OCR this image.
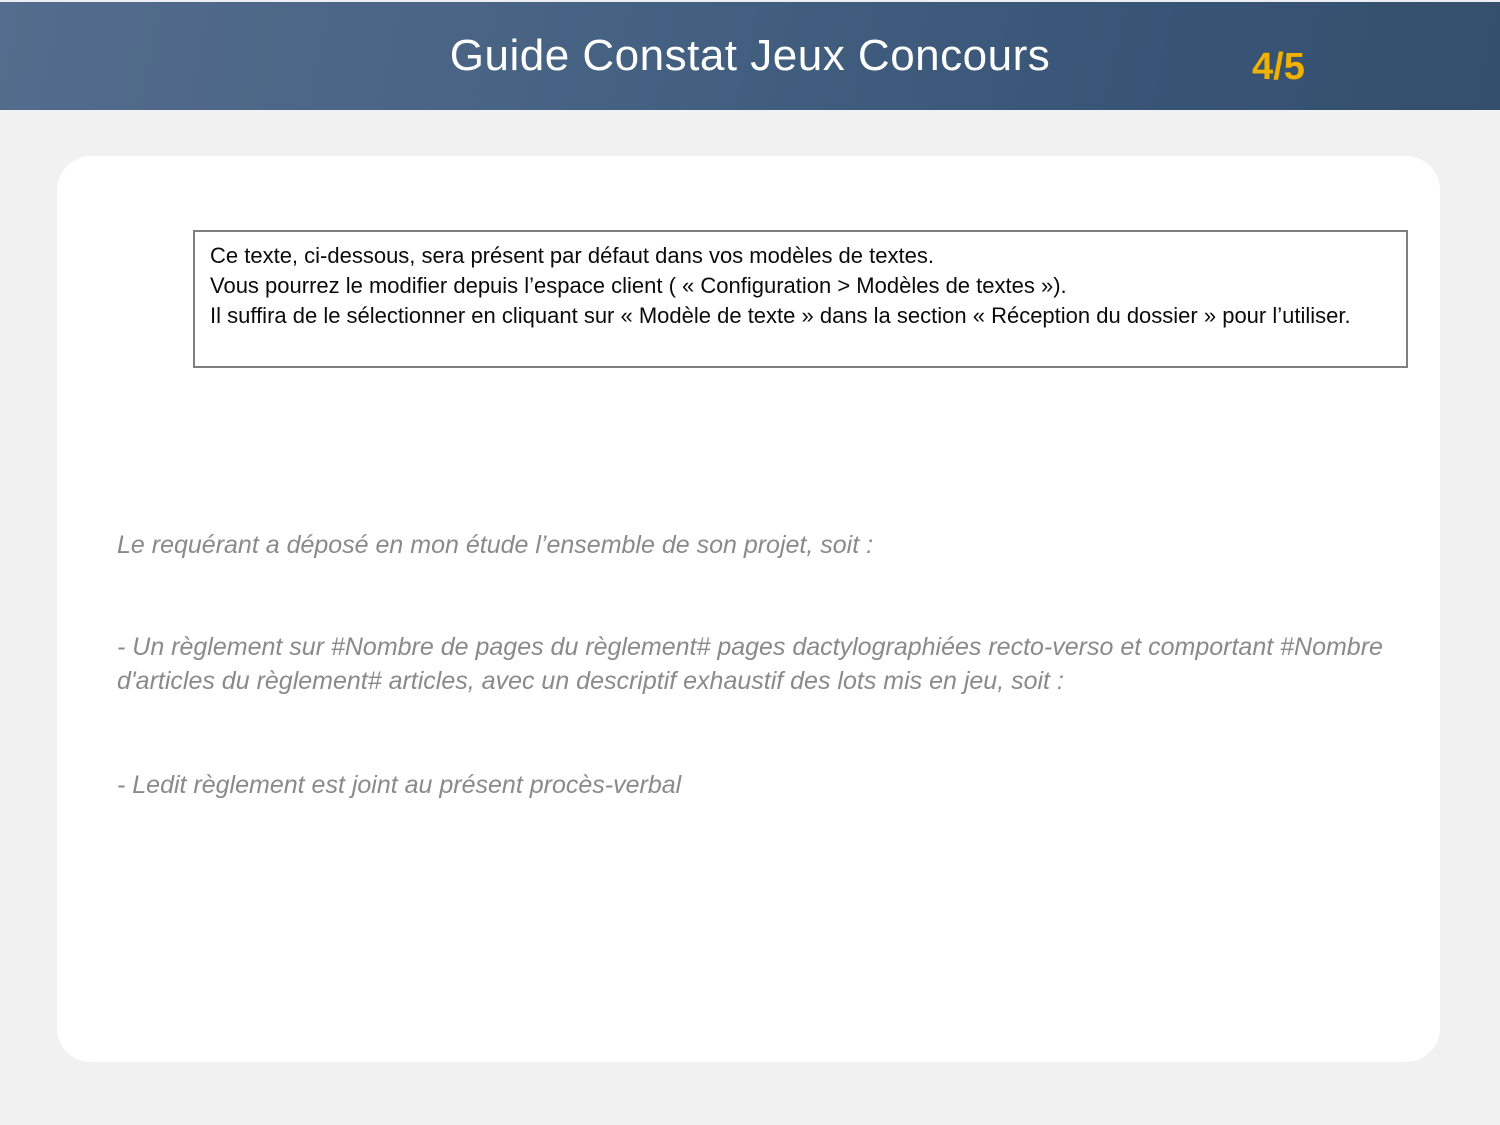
Guide Constat Jeux Concours	4/5
Ce texte, ci-dessous, sera présent par défaut dans vos modèles de textes.
Vous pourrez le modifier depuis l’espace client ( « Configuration > Modèles de textes »).
Il suffira de le sélectionner en cliquant sur « Modèle de texte » dans la section « Réception du dossier » pour l’utiliser.

Le requérant a déposé en mon étude l’ensemble de son projet, soit :

- Un règlement sur #Nombre de pages du règlement# pages dactylographiées recto-verso et comportant #Nombre d'articles du règlement# articles, avec un descriptif exhaustif des lots mis en jeu, soit :

- Ledit règlement est joint au présent procès-verbal
